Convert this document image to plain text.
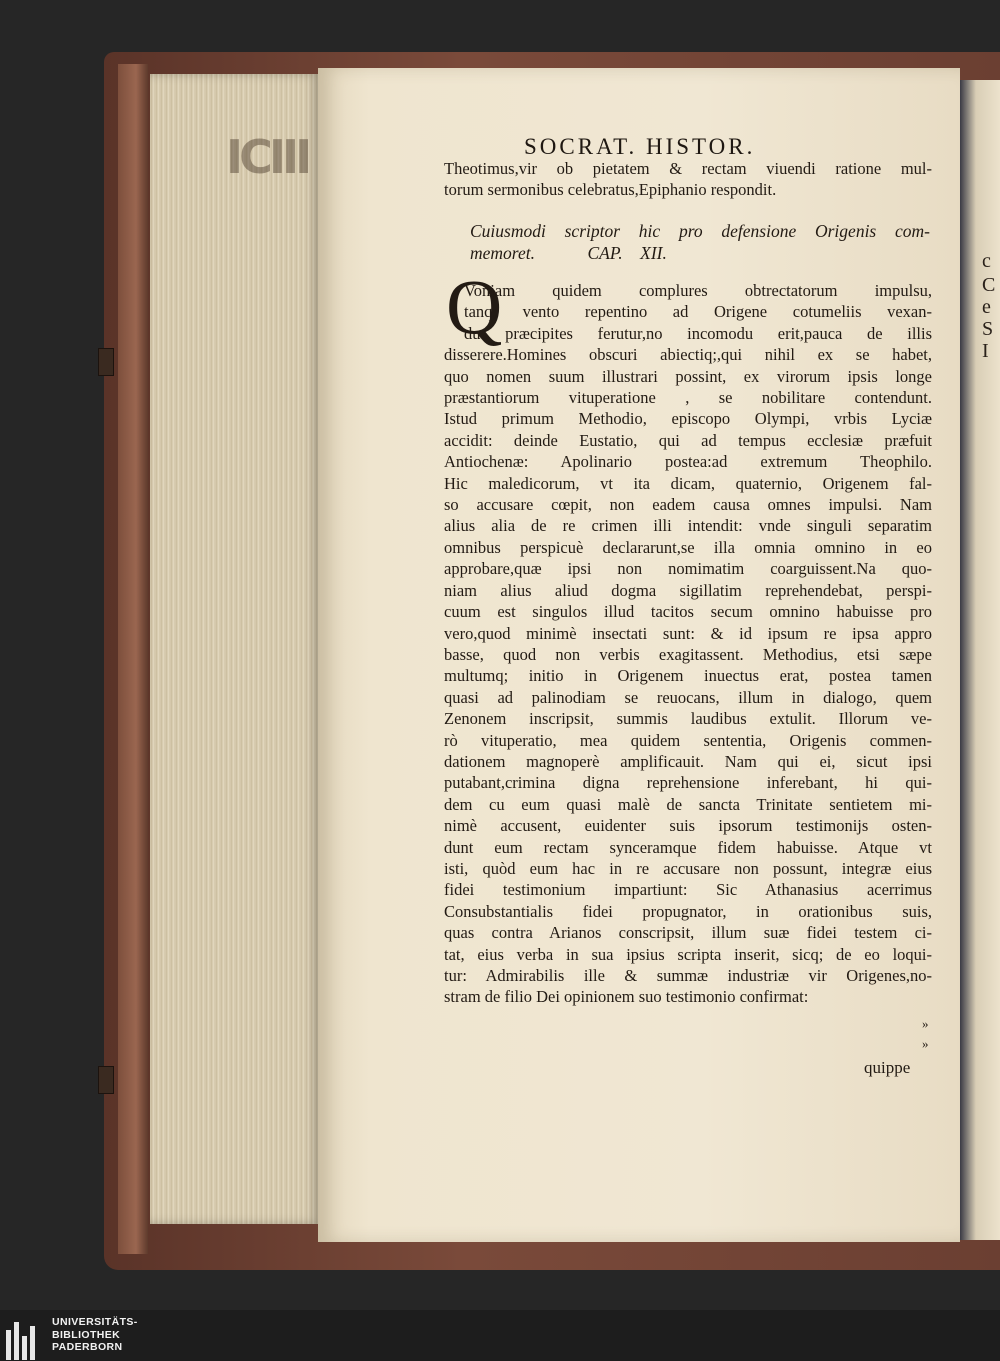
ICIII
c
C
e
S
I
SOCRAT. HISTOR.
Theotimus,vir ob pietatem & rectam viuendi ratione mul-
torum sermonibus celebratus,Epiphanio respondit.
Cuiusmodi scriptor hic pro defensione Origenis com-
memoret.            CAP.    XII.
Q
Voniam quidem complures obtrectatorum impulsu,
tanq; vento repentino ad Origene cotumeliis vexan-
du præcipites ferutur,no incomodu erit,pauca de illis
disserere.Homines obscuri abiectiq;,qui nihil ex se habet,
quo nomen suum illustrari possint, ex virorum ipsis longe
præstantiorum vituperatione , se nobilitare contendunt.
Istud primum Methodio, episcopo Olympi, vrbis Lyciæ
accidit: deinde Eustatio, qui ad tempus ecclesiæ præfuit
Antiochenæ: Apolinario postea:ad extremum Theophilo.
Hic maledicorum, vt ita dicam, quaternio, Origenem fal-
so accusare cœpit, non eadem causa omnes impulsi. Nam
alius alia de re crimen illi intendit: vnde singuli separatim
omnibus perspicuè declararunt,se illa omnia omnino in eo
approbare,quæ ipsi non nomimatim coarguissent.Na quo-
niam alius aliud dogma sigillatim reprehendebat, perspi-
cuum est singulos illud tacitos secum omnino habuisse pro
vero,quod minimè insectati sunt: & id ipsum re ipsa appro
basse, quod non verbis exagitassent. Methodius, etsi sæpe
multumq; initio in Origenem inuectus erat, postea tamen
quasi ad palinodiam se reuocans, illum in dialogo, quem
Zenonem inscripsit, summis laudibus extulit. Illorum ve-
rò vituperatio, mea quidem sententia, Origenis commen-
dationem magnoperè amplificauit. Nam qui ei, sicut ipsi
putabant,crimina digna reprehensione inferebant, hi qui-
dem cu eum quasi malè de sancta Trinitate sentietem mi-
nimè accusent, euidenter suis ipsorum testimonijs osten-
dunt eum rectam synceramque fidem habuisse. Atque vt
isti, quòd eum hac in re accusare non possunt, integræ eius
fidei testimonium impartiunt: Sic Athanasius acerrimus
Consubstantialis fidei propugnator, in orationibus suis,
quas contra Arianos conscripsit, illum suæ fidei testem ci-
tat, eius verba in sua ipsius scripta inserit, sicq; de eo loqui-
tur: Admirabilis ille & summæ industriæ vir Origenes,no-
stram de filio Dei opinionem suo testimonio confirmat:
»
»
quippe
UNIVERSITÄTS-
BIBLIOTHEK
PADERBORN
